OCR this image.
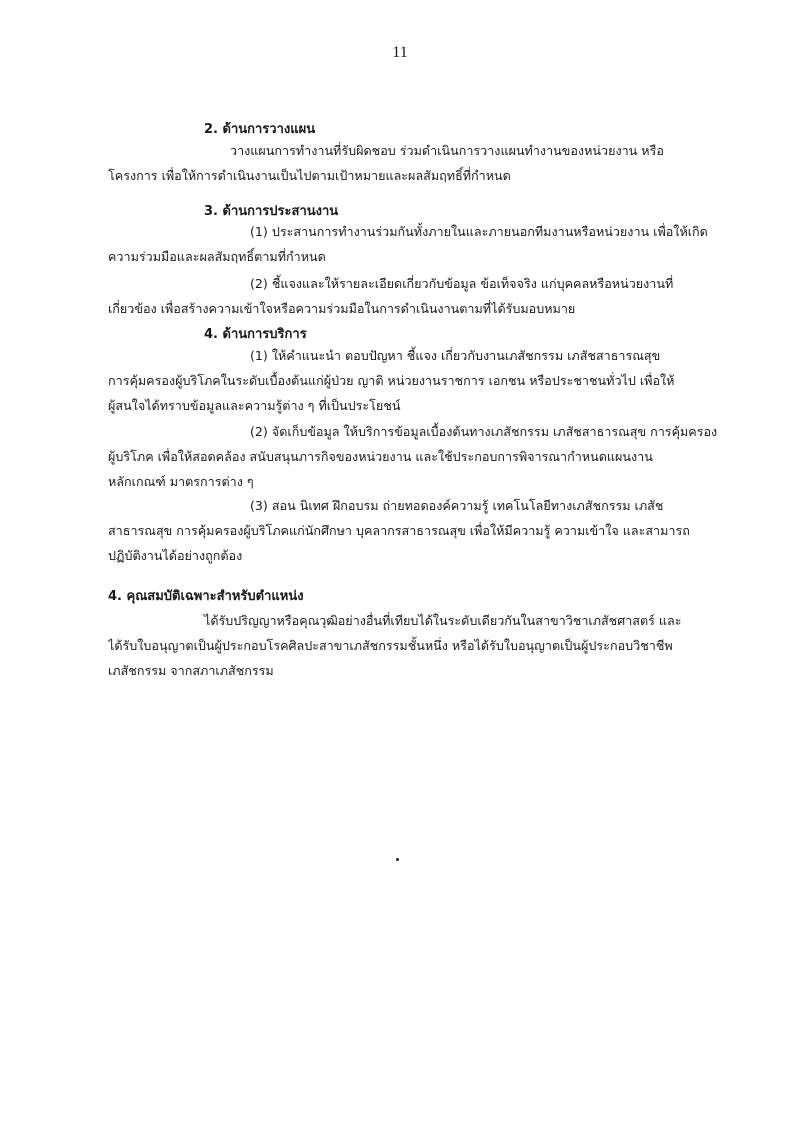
11
2. ด้านการวางแผน
วางแผนการทำงานที่รับผิดชอบ ร่วมดำเนินการวางแผนทำงานของหน่วยงาน หรือ
โครงการ เพื่อให้การดำเนินงานเป็นไปตามเป้าหมายและผลสัมฤทธิ์ที่กำหนด
3. ด้านการประสานงาน
(1) ประสานการทำงานร่วมกันทั้งภายในและภายนอกทีมงานหรือหน่วยงาน เพื่อให้เกิด
ความร่วมมือและผลสัมฤทธิ์ตามที่กำหนด
(2) ชี้แจงและให้รายละเอียดเกี่ยวกับข้อมูล ข้อเท็จจริง แก่บุคคลหรือหน่วยงานที่
เกี่ยวข้อง เพื่อสร้างความเข้าใจหรือความร่วมมือในการดำเนินงานตามที่ได้รับมอบหมาย
4. ด้านการบริการ
(1) ให้คำแนะนำ ตอบปัญหา ชี้แจง เกี่ยวกับงานเภสัชกรรม เภสัชสาธารณสุข
การคุ้มครองผู้บริโภคในระดับเบื้องต้นแก่ผู้ป่วย ญาติ หน่วยงานราชการ เอกชน หรือประชาชนทั่วไป เพื่อให้
ผู้สนใจได้ทราบข้อมูลและความรู้ต่าง ๆ ที่เป็นประโยชน์
(2) จัดเก็บข้อมูล ให้บริการข้อมูลเบื้องต้นทางเภสัชกรรม เภสัชสาธารณสุข การคุ้มครอง
ผู้บริโภค เพื่อให้สอดคล้อง สนับสนุนภารกิจของหน่วยงาน และใช้ประกอบการพิจารณากำหนดแผนงาน
หลักเกณฑ์ มาตรการต่าง ๆ
(3) สอน นิเทศ ฝึกอบรม ถ่ายทอดองค์ความรู้ เทคโนโลยีทางเภสัชกรรม เภสัช
สาธารณสุข การคุ้มครองผู้บริโภคแก่นักศึกษา บุคลากรสาธารณสุข เพื่อให้มีความรู้ ความเข้าใจ และสามารถ
ปฏิบัติงานได้อย่างถูกต้อง
4. คุณสมบัติเฉพาะสำหรับตำแหน่ง
ได้รับปริญญาหรือคุณวุฒิอย่างอื่นที่เทียบได้ในระดับเดียวกันในสาขาวิชาเภสัชศาสตร์ และ
ได้รับใบอนุญาตเป็นผู้ประกอบโรคศิลปะสาขาเภสัชกรรมชั้นหนึ่ง หรือได้รับใบอนุญาตเป็นผู้ประกอบวิชาชีพ
เภสัชกรรม จากสภาเภสัชกรรม
